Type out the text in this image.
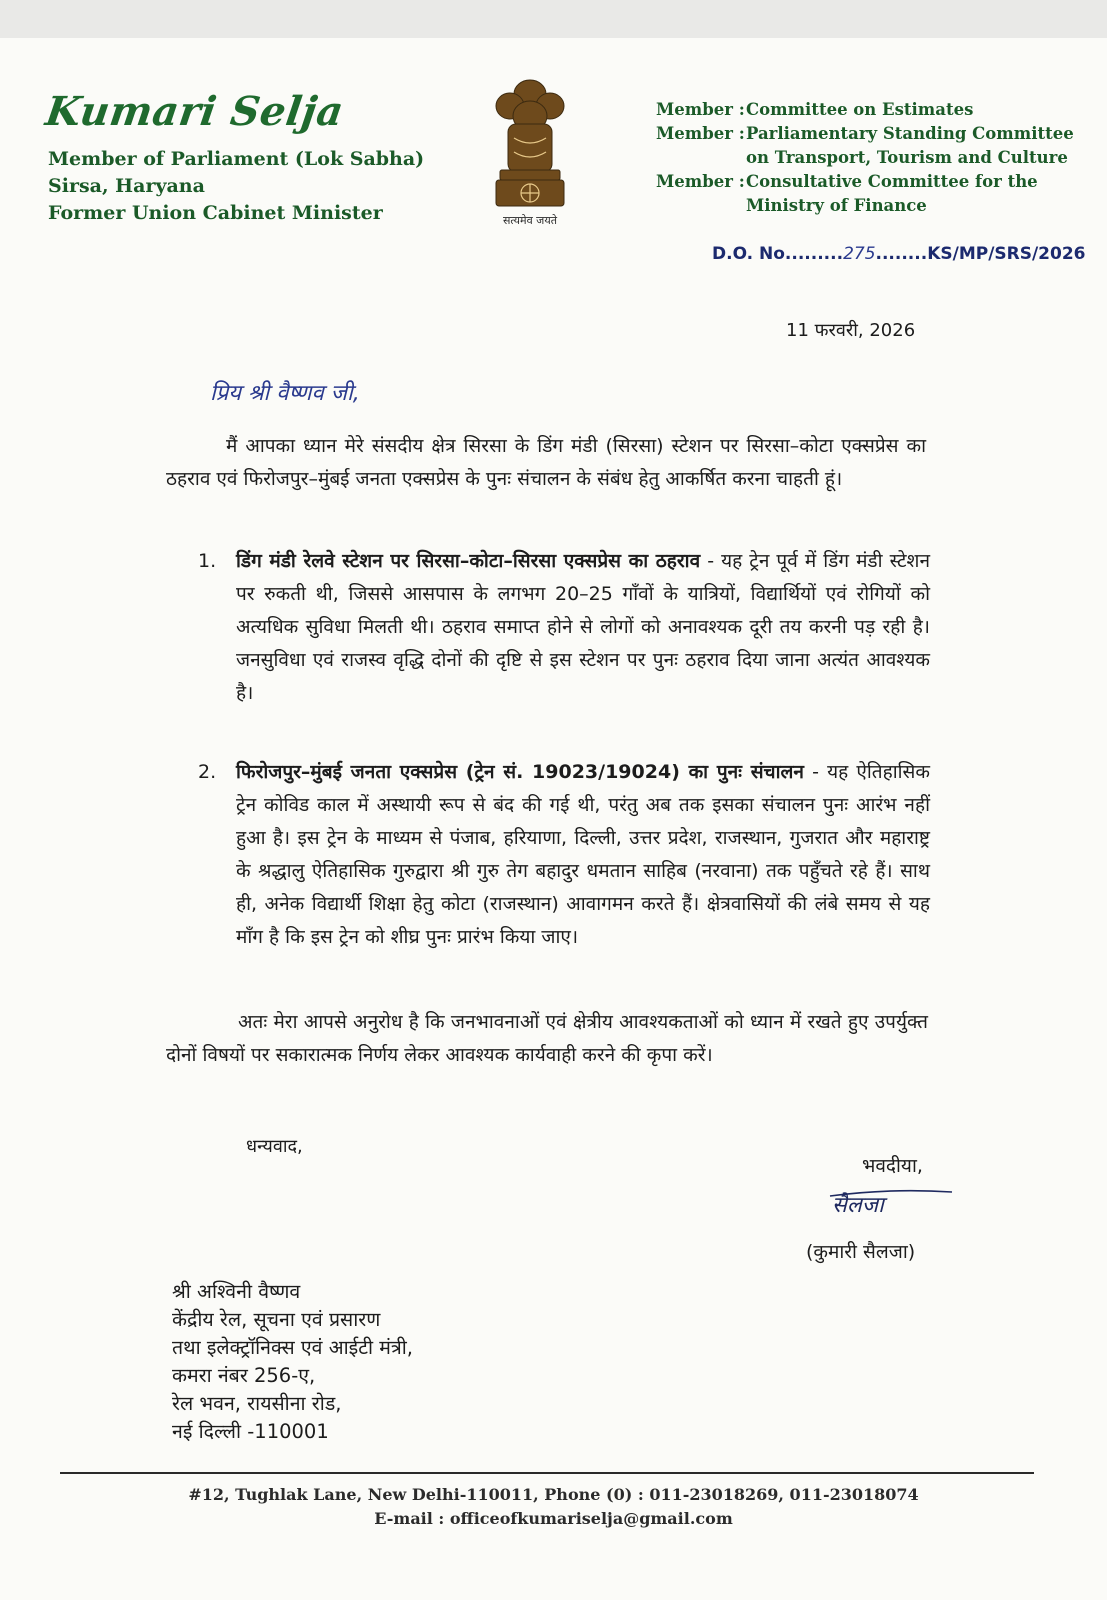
Kumari Selja
Member of Parliament (Lok Sabha)
Sirsa, Haryana
Former Union Cabinet Minister	सत्यमेव जयते
Member : Committee on Estimates
Member : Parliamentary Standing Committee
on Transport, Tourism and Culture
Member : Consultative Committee for the
Ministry of Finance
D.O. No.........275........KS/MP/SRS/2026
11 फरवरी, 2026
प्रिय श्री वैष्णव जी,
मैं आपका ध्यान मेरे संसदीय क्षेत्र सिरसा के डिंग मंडी (सिरसा) स्टेशन पर सिरसा–कोटा एक्सप्रेस का ठहराव एवं फिरोजपुर–मुंबई जनता एक्सप्रेस के पुनः संचालन के संबंध हेतु आकर्षित करना चाहती हूं।
1. डिंग मंडी रेलवे स्टेशन पर सिरसा–कोटा–सिरसा एक्सप्रेस का ठहराव - यह ट्रेन पूर्व में डिंग मंडी स्टेशन पर रुकती थी, जिससे आसपास के लगभग 20–25 गाँवों के यात्रियों, विद्यार्थियों एवं रोगियों को अत्यधिक सुविधा मिलती थी। ठहराव समाप्त होने से लोगों को अनावश्यक दूरी तय करनी पड़ रही है। जनसुविधा एवं राजस्व वृद्धि दोनों की दृष्टि से इस स्टेशन पर पुनः ठहराव दिया जाना अत्यंत आवश्यक है।
2. फिरोजपुर–मुंबई जनता एक्सप्रेस (ट्रेन सं. 19023/19024) का पुनः संचालन - यह ऐतिहासिक ट्रेन कोविड काल में अस्थायी रूप से बंद की गई थी, परंतु अब तक इसका संचालन पुनः आरंभ नहीं हुआ है। इस ट्रेन के माध्यम से पंजाब, हरियाणा, दिल्ली, उत्तर प्रदेश, राजस्थान, गुजरात और महाराष्ट्र के श्रद्धालु ऐतिहासिक गुरुद्वारा श्री गुरु तेग बहादुर धमतान साहिब (नरवाना) तक पहुँचते रहे हैं। साथ ही, अनेक विद्यार्थी शिक्षा हेतु कोटा (राजस्थान) आवागमन करते हैं। क्षेत्रवासियों की लंबे समय से यह माँग है कि इस ट्रेन को शीघ्र पुनः प्रारंभ किया जाए।
अतः मेरा आपसे अनुरोध है कि जनभावनाओं एवं क्षेत्रीय आवश्यकताओं को ध्यान में रखते हुए उपर्युक्त दोनों विषयों पर सकारात्मक निर्णय लेकर आवश्यक कार्यवाही करने की कृपा करें।
धन्यवाद,
भवदीया,
सैलजा
(कुमारी सैलजा)
श्री अश्विनी वैष्णव
केंद्रीय रेल, सूचना एवं प्रसारण
तथा इलेक्ट्रॉनिक्स एवं आईटी मंत्री,
कमरा नंबर 256-ए,
रेल भवन, रायसीना रोड,
नई दिल्ली -110001
#12, Tughlak Lane, New Delhi-110011, Phone (0) : 011-23018269, 011-23018074
E-mail : officeofkumariselja@gmail.com
